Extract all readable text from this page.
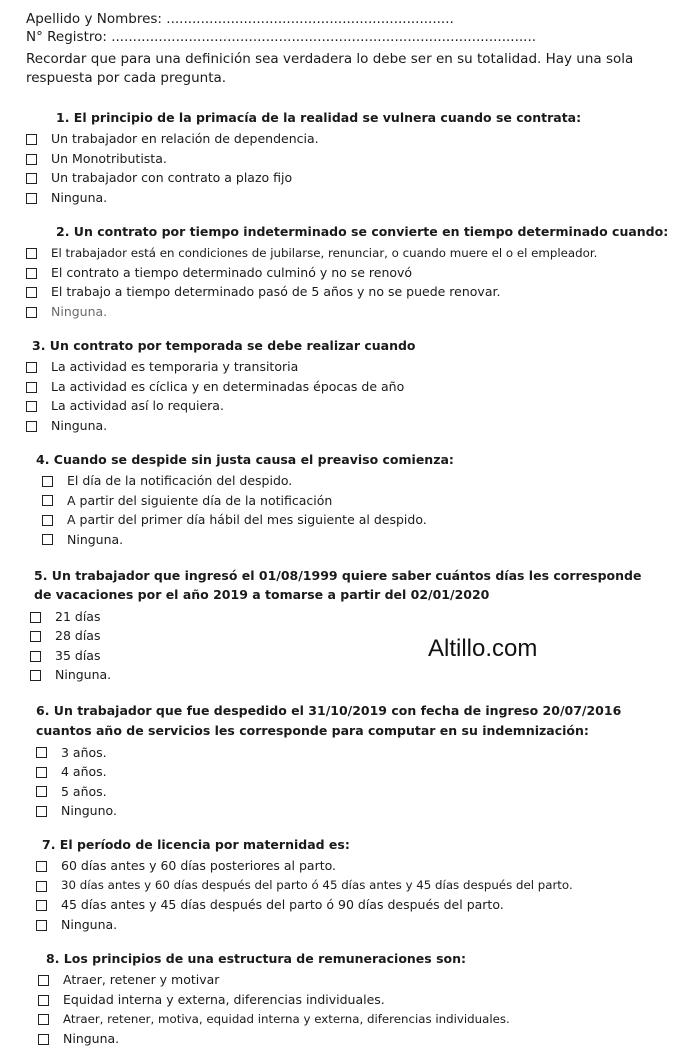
Apellido y Nombres: ...................................................................

N° Registro: ...................................................................................................

Recordar que para una definición sea verdadera lo debe ser en su totalidad. Hay una sola respuesta por cada pregunta.

1. El principio de la primacía de la realidad se vulnera cuando se contrata:

Un trabajador en relación de dependencia.
Un Monotributista.
Un trabajador con contrato a plazo fijo
Ninguna.

2. Un contrato por tiempo indeterminado se convierte en tiempo determinado cuando:

El trabajador está en condiciones de jubilarse, renunciar, o cuando muere el o el empleador.
El contrato a tiempo determinado culminó y no se renovó
El trabajo a tiempo determinado pasó de 5 años y no se puede renovar.
Ninguna.

3. Un contrato por temporada se debe realizar cuando

La actividad es temporaria y transitoria
La actividad es cíclica y en determinadas épocas de año
La actividad así lo requiera.
Ninguna.

4. Cuando se despide sin justa causa el preaviso comienza:

El día de la notificación del despido.
A partir del siguiente día de la notificación
A partir del primer día hábil del mes siguiente al despido.
Ninguna.

5. Un trabajador que ingresó el 01/08/1999 quiere saber cuántos días les corresponde de vacaciones por el año 2019 a tomarse a partir del 02/01/2020

21 días
28 días
35 días
Ninguna.

6. Un trabajador que fue despedido el 31/10/2019 con fecha de ingreso 20/07/2016 cuantos año de servicios les corresponde para computar en su indemnización:

3 años.
4 años.
5 años.
Ninguno.

7. El período de licencia por maternidad es:

60 días antes y 60 días posteriores al parto.
30 días antes y 60 días después del parto ó 45 días antes y 45 días después del parto.
45 días antes y 45 días después del parto ó 90 días después del parto.
Ninguna.

8. Los principios de una estructura de remuneraciones son:

Atraer, retener y motivar
Equidad interna y externa, diferencias individuales.
Atraer, retener, motiva, equidad interna y externa, diferencias individuales.
Ninguna.
Altillo.com
